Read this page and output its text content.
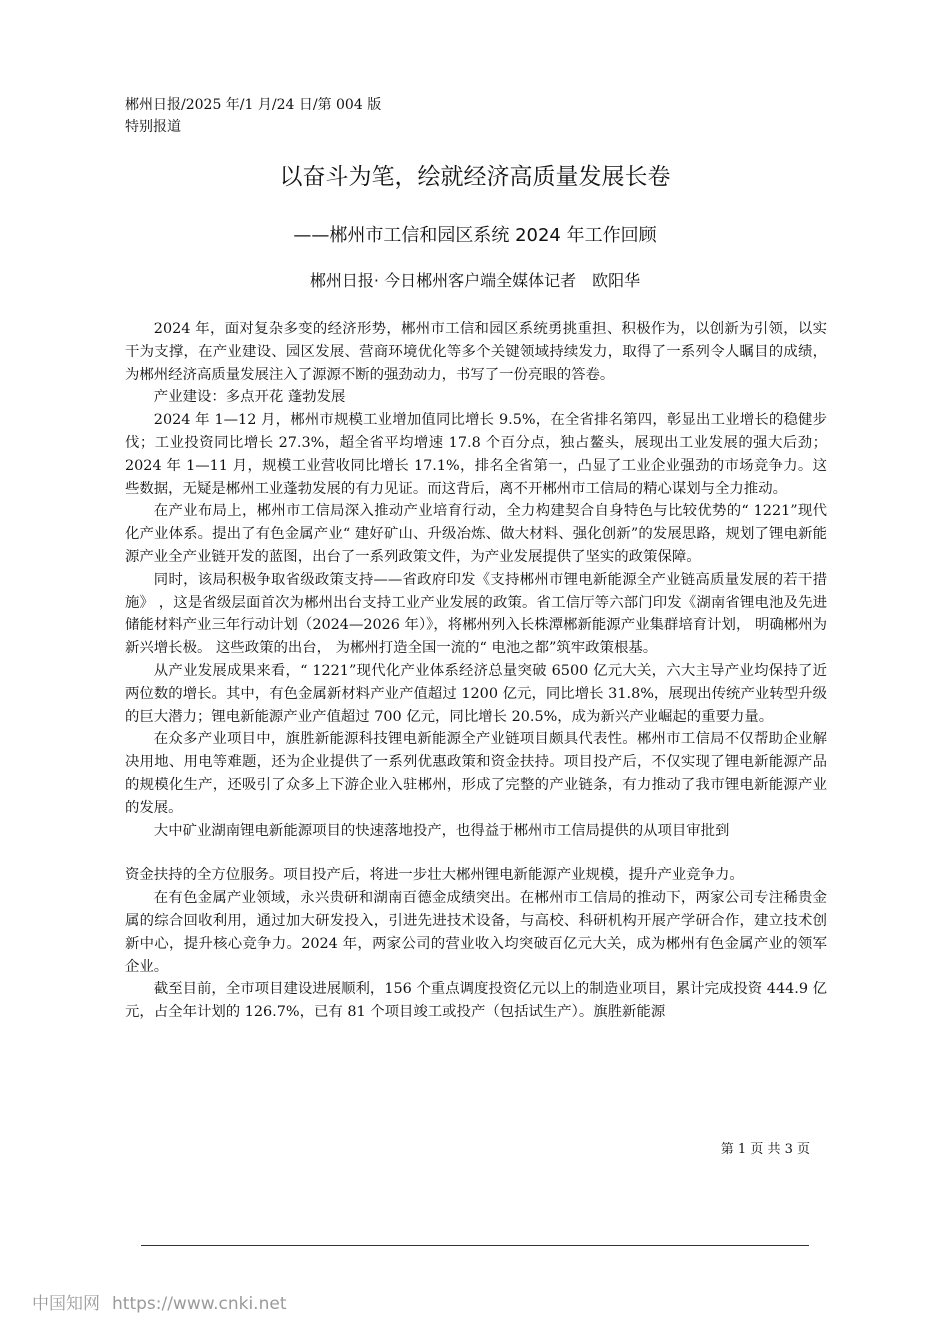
郴州日报/2025 年/1 月/24 日/第 004 版特别报道
以奋斗为笔，绘就经济高质量发展长卷
——郴州市工信和园区系统 2024 年工作回顾
郴州日报· 今日郴州客户端全媒体记者　欧阳华

2024 年，面对复杂多变的经济形势，郴州市工信和园区系统勇挑重担、积极作为，以创新为引领，以实干为支撑，在产业建设、园区发展、营商环境优化等多个关键领域持续发力，取得了一系列令人瞩目的成绩，为郴州经济高质量发展注入了源源不断的强劲动力，书写了一份亮眼的答卷。

产业建设：多点开花 蓬勃发展

2024 年 1—12 月，郴州市规模工业增加值同比增长 9.5%，在全省排名第四，彰显出工业增长的稳健步伐；工业投资同比增长 27.3%，超全省平均增速 17.8 个百分点，独占鳌头，展现出工业发展的强大后劲；2024 年 1—11 月，规模工业营收同比增长 17.1%，排名全省第一，凸显了工业企业强劲的市场竞争力。这些数据，无疑是郴州工业蓬勃发展的有力见证。而这背后，离不开郴州市工信局的精心谋划与全力推动。

在产业布局上，郴州市工信局深入推动产业培育行动，全力构建契合自身特色与比较优势的“ 1221”现代化产业体系。提出了有色金属产业“ 建好矿山、升级冶炼、做大材料、强化创新”的发展思路，规划了锂电新能源产业全产业链开发的蓝图，出台了一系列政策文件，为产业发展提供了坚实的政策保障。

同时，该局积极争取省级政策支持——省政府印发《支持郴州市锂电新能源全产业链高质量发展的若干措施》 ，这是省级层面首次为郴州出台支持工业产业发展的政策。省工信厅等六部门印发《湖南省锂电池及先进储能材料产业三年行动计划（2024—2026 年）》，将郴州列入长株潭郴新能源产业集群培育计划， 明确郴州为新兴增长极。 这些政策的出台， 为郴州打造全国一流的“ 电池之都”筑牢政策根基。

从产业发展成果来看，“ 1221”现代化产业体系经济总量突破 6500 亿元大关，六大主导产业均保持了近两位数的增长。其中，有色金属新材料产业产值超过 1200 亿元，同比增长 31.8%，展现出传统产业转型升级的巨大潜力；锂电新能源产业产值超过 700 亿元，同比增长 20.5%，成为新兴产业崛起的重要力量。

在众多产业项目中，旗胜新能源科技锂电新能源全产业链项目颇具代表性。郴州市工信局不仅帮助企业解决用地、用电等难题，还为企业提供了一系列优惠政策和资金扶持。项目投产后，不仅实现了锂电新能源产品的规模化生产，还吸引了众多上下游企业入驻郴州，形成了完整的产业链条，有力推动了我市锂电新能源产业的发展。

大中矿业湖南锂电新能源项目的快速落地投产，也得益于郴州市工信局提供的从项目审批到

资金扶持的全方位服务。项目投产后，将进一步壮大郴州锂电新能源产业规模，提升产业竞争力。

在有色金属产业领域，永兴贵研和湖南百德金成绩突出。在郴州市工信局的推动下，两家公司专注稀贵金属的综合回收利用，通过加大研发投入，引进先进技术设备，与高校、科研机构开展产学研合作，建立技术创新中心，提升核心竞争力。2024 年，两家公司的营业收入均突破百亿元大关，成为郴州有色金属产业的领军企业。

截至目前，全市项目建设进展顺利，156 个重点调度投资亿元以上的制造业项目，累计完成投资 444.9 亿元，占全年计划的 126.7%，已有 81 个项目竣工或投产（包括试生产）。旗胜新能源

第 1 页 共 3 页
中国知网 https://www.cnki.net
